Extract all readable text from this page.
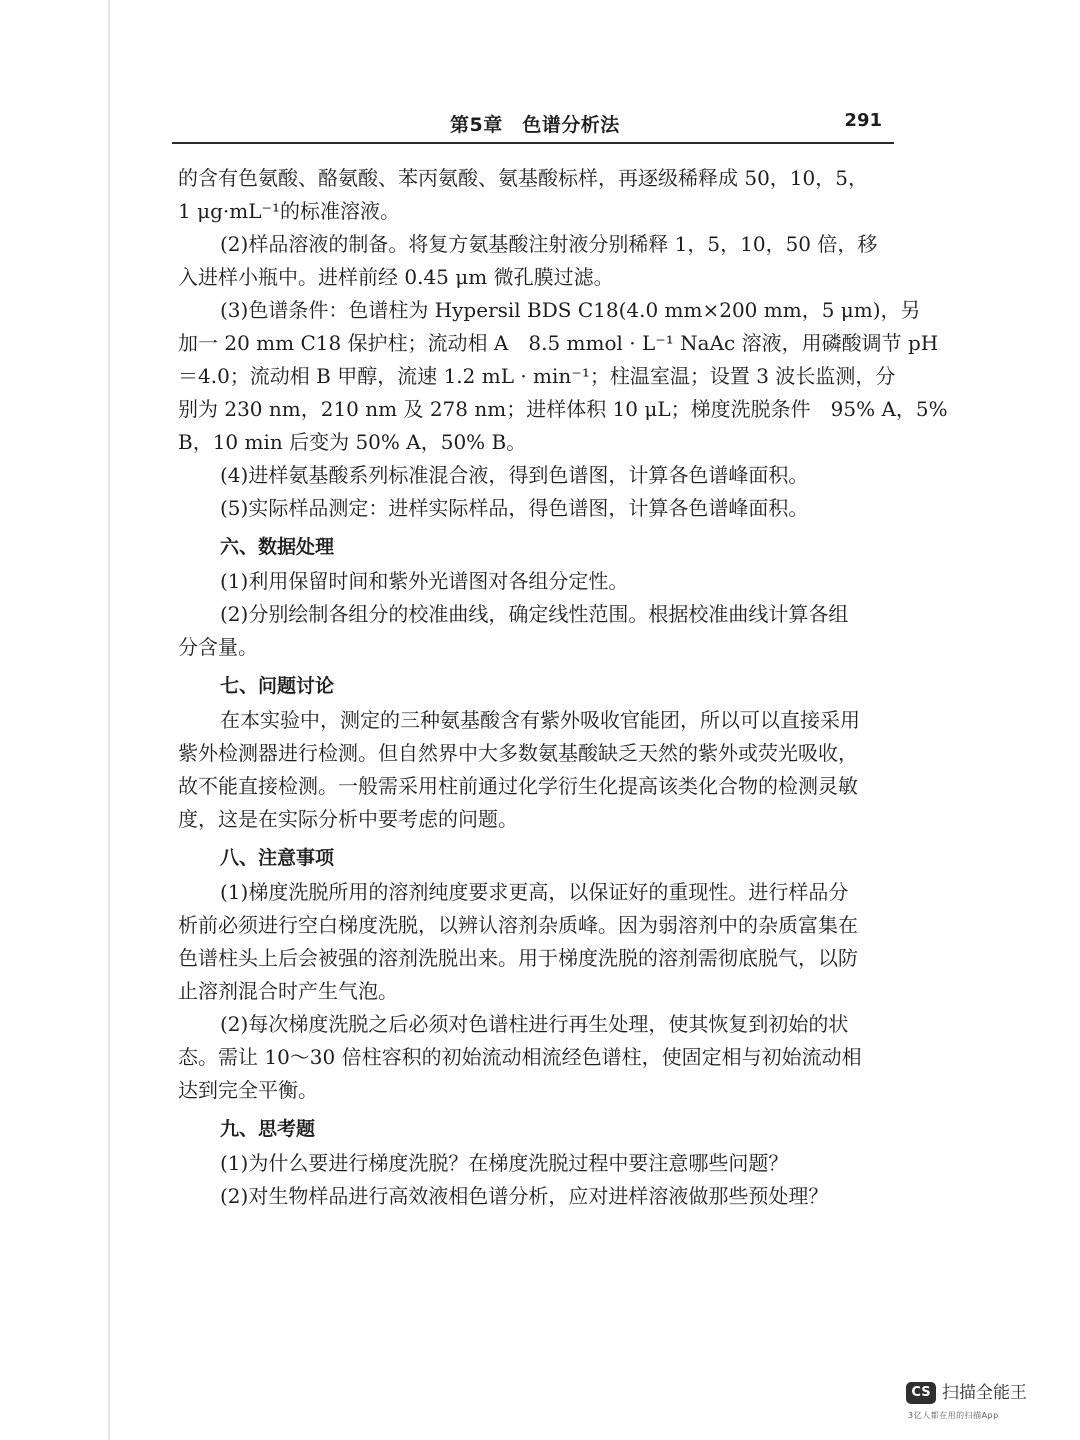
第5章　色谱分析法	291
的含有色氨酸、酪氨酸、苯丙氨酸、氨基酸标样，再逐级稀释成 50，10，5，
1 μg·mL⁻¹的标准溶液。
(2)样品溶液的制备。将复方氨基酸注射液分别稀释 1，5，10，50 倍，移
入进样小瓶中。进样前经 0.45 μm 微孔膜过滤。
(3)色谱条件：色谱柱为 Hypersil BDS C18(4.0 mm×200 mm，5 μm)，另
加一 20 mm C18 保护柱；流动相 A　8.5 mmol · L⁻¹ NaAc 溶液，用磷酸调节 pH
＝4.0；流动相 B 甲醇，流速 1.2 mL · min⁻¹；柱温室温；设置 3 波长监测，分
别为 230 nm，210 nm 及 278 nm；进样体积 10 μL；梯度洗脱条件　95% A，5%
B，10 min 后变为 50% A，50% B。
(4)进样氨基酸系列标准混合液，得到色谱图，计算各色谱峰面积。
(5)实际样品测定：进样实际样品，得色谱图，计算各色谱峰面积。
六、数据处理
(1)利用保留时间和紫外光谱图对各组分定性。
(2)分别绘制各组分的校准曲线，确定线性范围。根据校准曲线计算各组
分含量。
七、问题讨论
在本实验中，测定的三种氨基酸含有紫外吸收官能团，所以可以直接采用
紫外检测器进行检测。但自然界中大多数氨基酸缺乏天然的紫外或荧光吸收，
故不能直接检测。一般需采用柱前通过化学衍生化提高该类化合物的检测灵敏
度，这是在实际分析中要考虑的问题。
八、注意事项
(1)梯度洗脱所用的溶剂纯度要求更高，以保证好的重现性。进行样品分
析前必须进行空白梯度洗脱，以辨认溶剂杂质峰。因为弱溶剂中的杂质富集在
色谱柱头上后会被强的溶剂洗脱出来。用于梯度洗脱的溶剂需彻底脱气，以防
止溶剂混合时产生气泡。
(2)每次梯度洗脱之后必须对色谱柱进行再生处理，使其恢复到初始的状
态。需让 10～30 倍柱容积的初始流动相流经色谱柱，使固定相与初始流动相
达到完全平衡。
九、思考题
(1)为什么要进行梯度洗脱？在梯度洗脱过程中要注意哪些问题？
(2)对生物样品进行高效液相色谱分析，应对进样溶液做那些预处理？
CS 扫描全能王
3亿人都在用的扫描App
